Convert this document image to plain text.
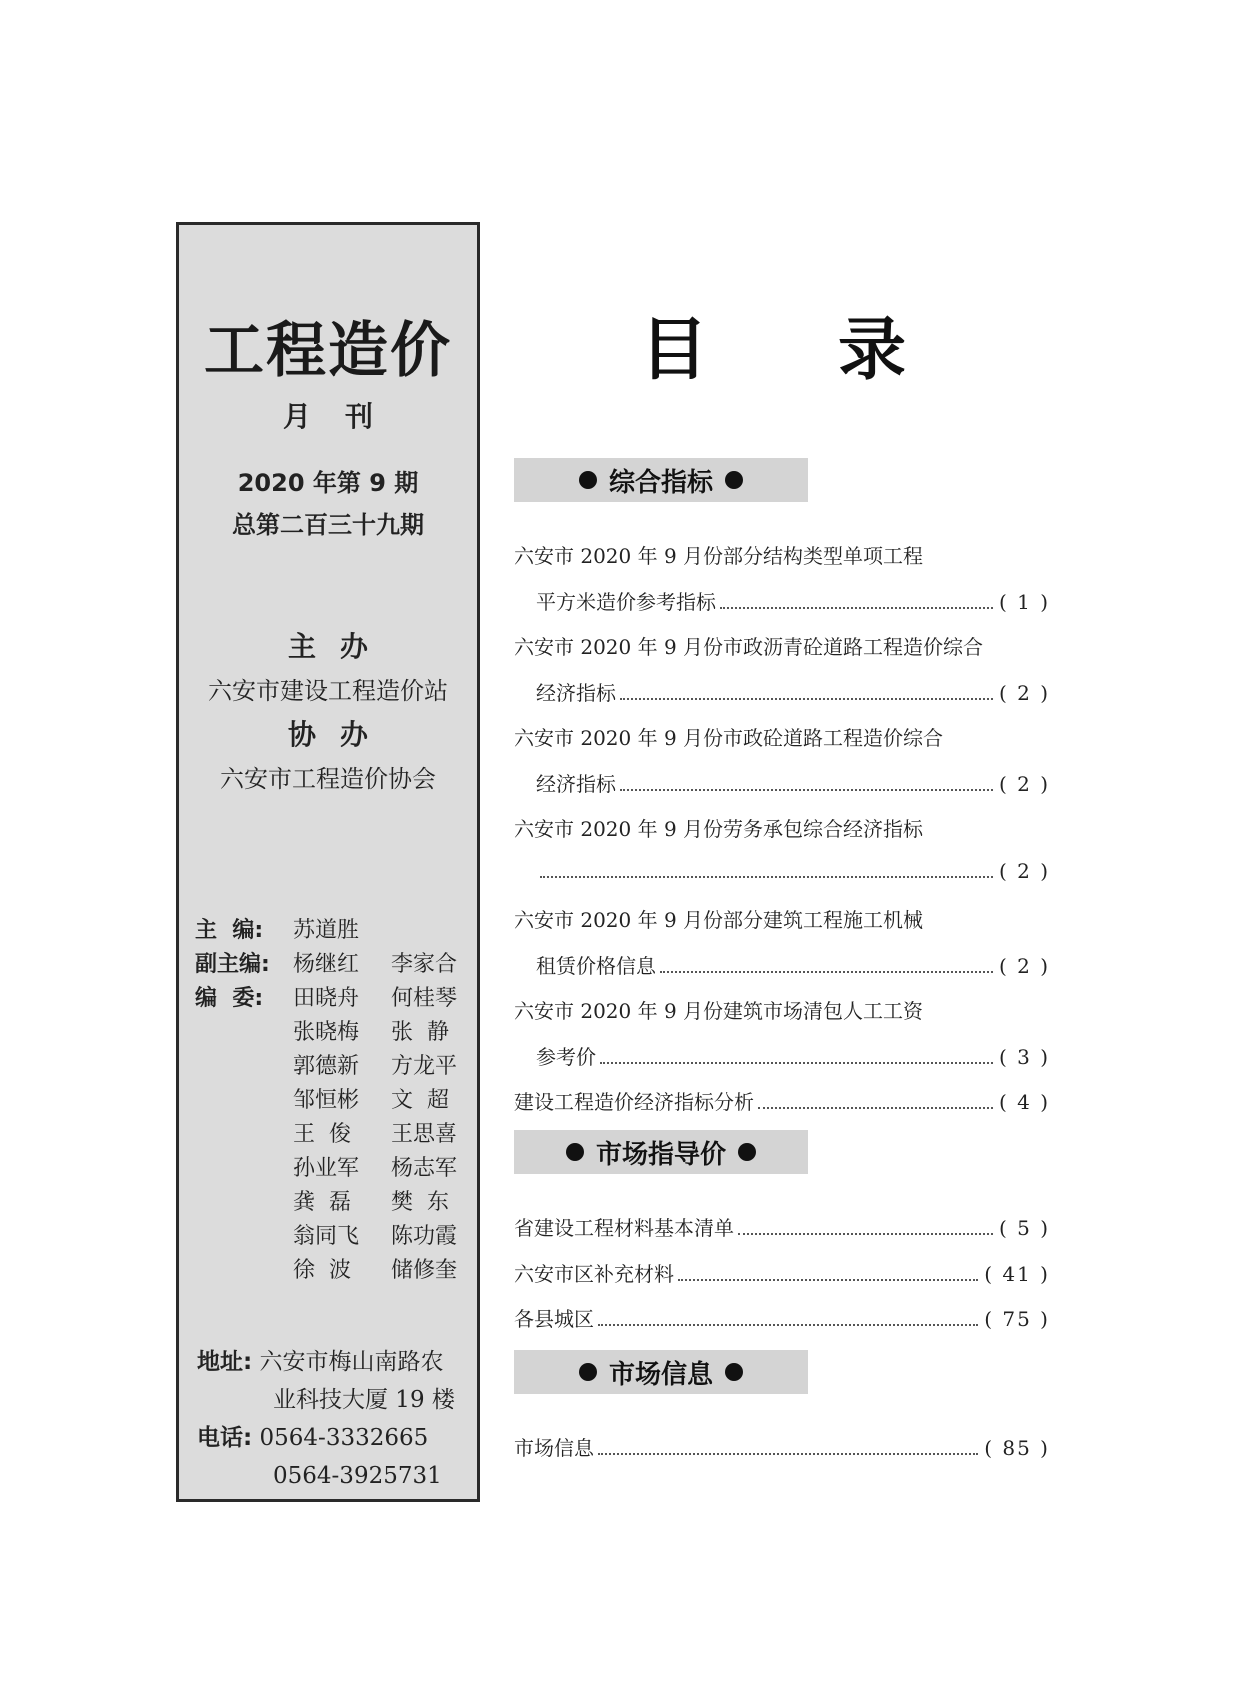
工程造价
月刊
2020 年第 9 期
总第二百三十九期
主办
六安市建设工程造价站
协办
六安市工程造价协会
主  编:	苏道胜
副主编:	杨继红 李家合
编  委:	田晓舟 何桂琴
张晓梅 张  静
郭德新 方龙平
邹恒彬 文  超
王  俊 王思喜
孙业军 杨志军
龚  磊 樊  东
翁同飞 陈功霞
徐  波 储修奎
地址: 六安市梅山南路农
业科技大厦 19 楼
电话: 0564-3332665
0564-3925731
目录
综合指标
六安市 2020 年 9 月份部分结构类型单项工程
平方米造价参考指标	( 1 )
六安市 2020 年 9 月份市政沥青砼道路工程造价综合
经济指标	( 2 )
六安市 2020 年 9 月份市政砼道路工程造价综合
经济指标	( 2 )
六安市 2020 年 9 月份劳务承包综合经济指标
( 2 )
六安市 2020 年 9 月份部分建筑工程施工机械
租赁价格信息	( 2 )
六安市 2020 年 9 月份建筑市场清包人工工资
参考价	( 3 )
建设工程造价经济指标分析	( 4 )
市场指导价
省建设工程材料基本清单	( 5 )
六安市区补充材料	( 41 )
各县城区	( 75 )
市场信息
市场信息	( 85 )
